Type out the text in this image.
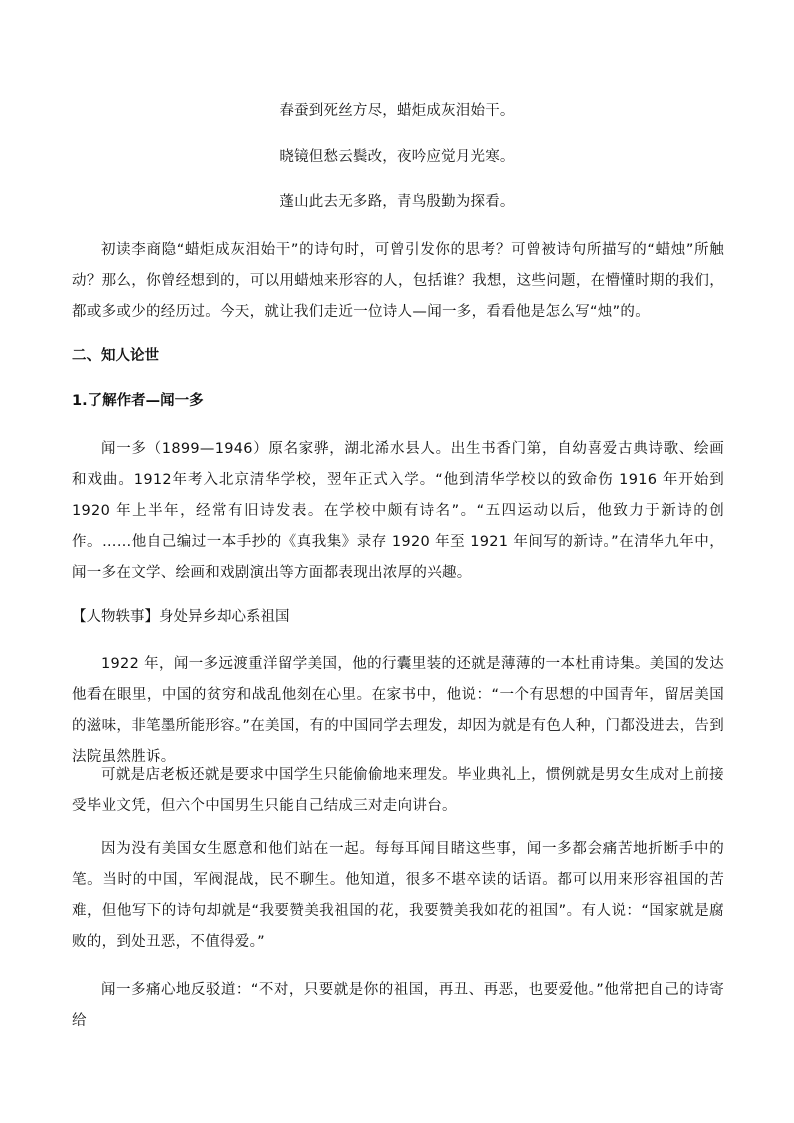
春蚕到死丝方尽，蜡炬成灰泪始干。
晓镜但愁云鬓改，夜吟应觉月光寒。
蓬山此去无多路，青鸟殷勤为探看。

初读李商隐“蜡炬成灰泪始干”的诗句时，可曾引发你的思考？可曾被诗句所描写的“蜡烛”所触动？那么，你曾经想到的，可以用蜡烛来形容的人，包括谁？我想，这些问题，在懵懂时期的我们，都或多或少的经历过。今天，就让我们走近一位诗人—闻一多，看看他是怎么写“烛”的。

二、知人论世
1.了解作者—闻一多

闻一多（1899—1946）原名家骅，湖北浠水县人。出生书香门第，自幼喜爱古典诗歌、绘画和戏曲。1912年考入北京清华学校，翌年正式入学。“他到清华学校以的致命伤 1916 年开始到 1920 年上半年，经常有旧诗发表。在学校中颇有诗名”。“五四运动以后，他致力于新诗的创作。……他自己编过一本手抄的《真我集》录存 1920 年至 1921 年间写的新诗。”在清华九年中，闻一多在文学、绘画和戏剧演出等方面都表现出浓厚的兴趣。

【人物轶事】身处异乡却心系祖国

1922 年，闻一多远渡重洋留学美国，他的行囊里装的还就是薄薄的一本杜甫诗集。美国的发达他看在眼里，中国的贫穷和战乱他刻在心里。在家书中，他说：“一个有思想的中国青年，留居美国的滋味，非笔墨所能形容。”在美国，有的中国同学去理发，却因为就是有色人种，门都没进去，告到法院虽然胜诉。

可就是店老板还就是要求中国学生只能偷偷地来理发。毕业典礼上，惯例就是男女生成对上前接受毕业文凭，但六个中国男生只能自己结成三对走向讲台。

因为没有美国女生愿意和他们站在一起。每每耳闻目睹这些事，闻一多都会痛苦地折断手中的笔。当时的中国，军阀混战，民不聊生。他知道，很多不堪卒读的话语。都可以用来形容祖国的苦难，但他写下的诗句却就是“我要赞美我祖国的花，我要赞美我如花的祖国”。有人说：“国家就是腐败的，到处丑恶，不值得爱。”

闻一多痛心地反驳道：“不对，只要就是你的祖国，再丑、再恶，也要爱他。”他常把自己的诗寄给
